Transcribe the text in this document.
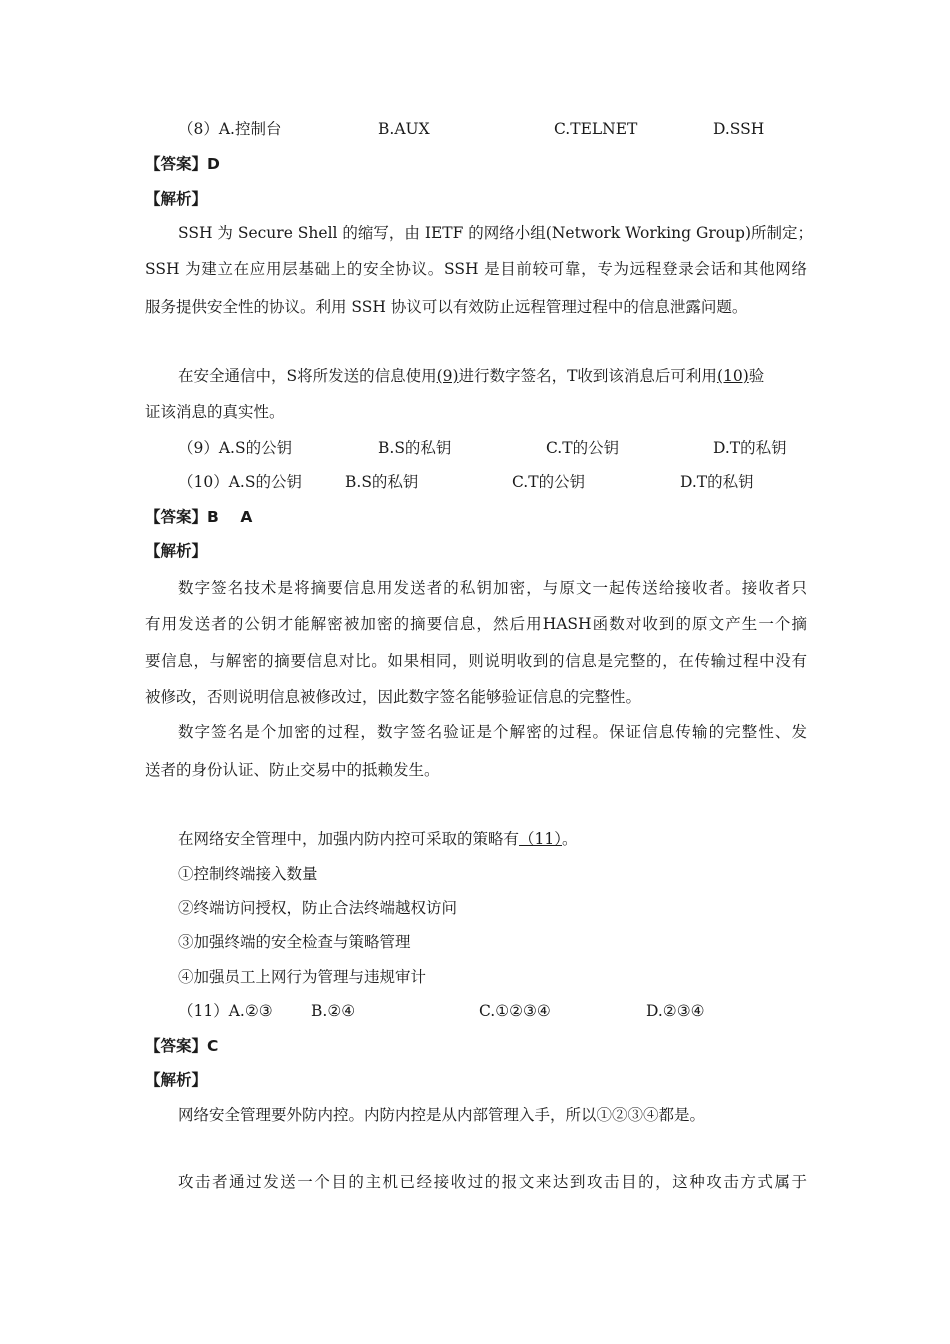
（8）A.控制台	B.AUX	C.TELNET	D.SSH
【答案】D
【解析】
SSH 为 Secure Shell 的缩写，由 IETF 的网络小组(Network Working Group)所制定；
SSH 为建立在应用层基础上的安全协议。SSH 是目前较可靠，专为远程登录会话和其他网络
服务提供安全性的协议。利用 SSH 协议可以有效防止远程管理过程中的信息泄露问题。
在安全通信中，S将所发送的信息使用(9)进行数字签名，T收到该消息后可利用(10)验
证该消息的真实性。
（9）A.S的公钥	B.S的私钥	C.T的公钥	D.T的私钥
（10）A.S的公钥	B.S的私钥	C.T的公钥	D.T的私钥
【答案】B    A
【解析】
数字签名技术是将摘要信息用发送者的私钥加密，与原文一起传送给接收者。接收者只
有用发送者的公钥才能解密被加密的摘要信息，然后用HASH函数对收到的原文产生一个摘
要信息，与解密的摘要信息对比。如果相同，则说明收到的信息是完整的，在传输过程中没有
被修改，否则说明信息被修改过，因此数字签名能够验证信息的完整性。
数字签名是个加密的过程，数字签名验证是个解密的过程。保证信息传输的完整性、发
送者的身份认证、防止交易中的抵赖发生。
在网络安全管理中，加强内防内控可采取的策略有（11）。
①控制终端接入数量
②终端访问授权，防止合法终端越权访问
③加强终端的安全检查与策略管理
④加强员工上网行为管理与违规审计
（11）A.②③ B.②④	C.①②③④	D.②③④
【答案】C
【解析】
网络安全管理要外防内控。内防内控是从内部管理入手，所以①②③④都是。
攻击者通过发送一个目的主机已经接收过的报文来达到攻击目的，这种攻击方式属于
